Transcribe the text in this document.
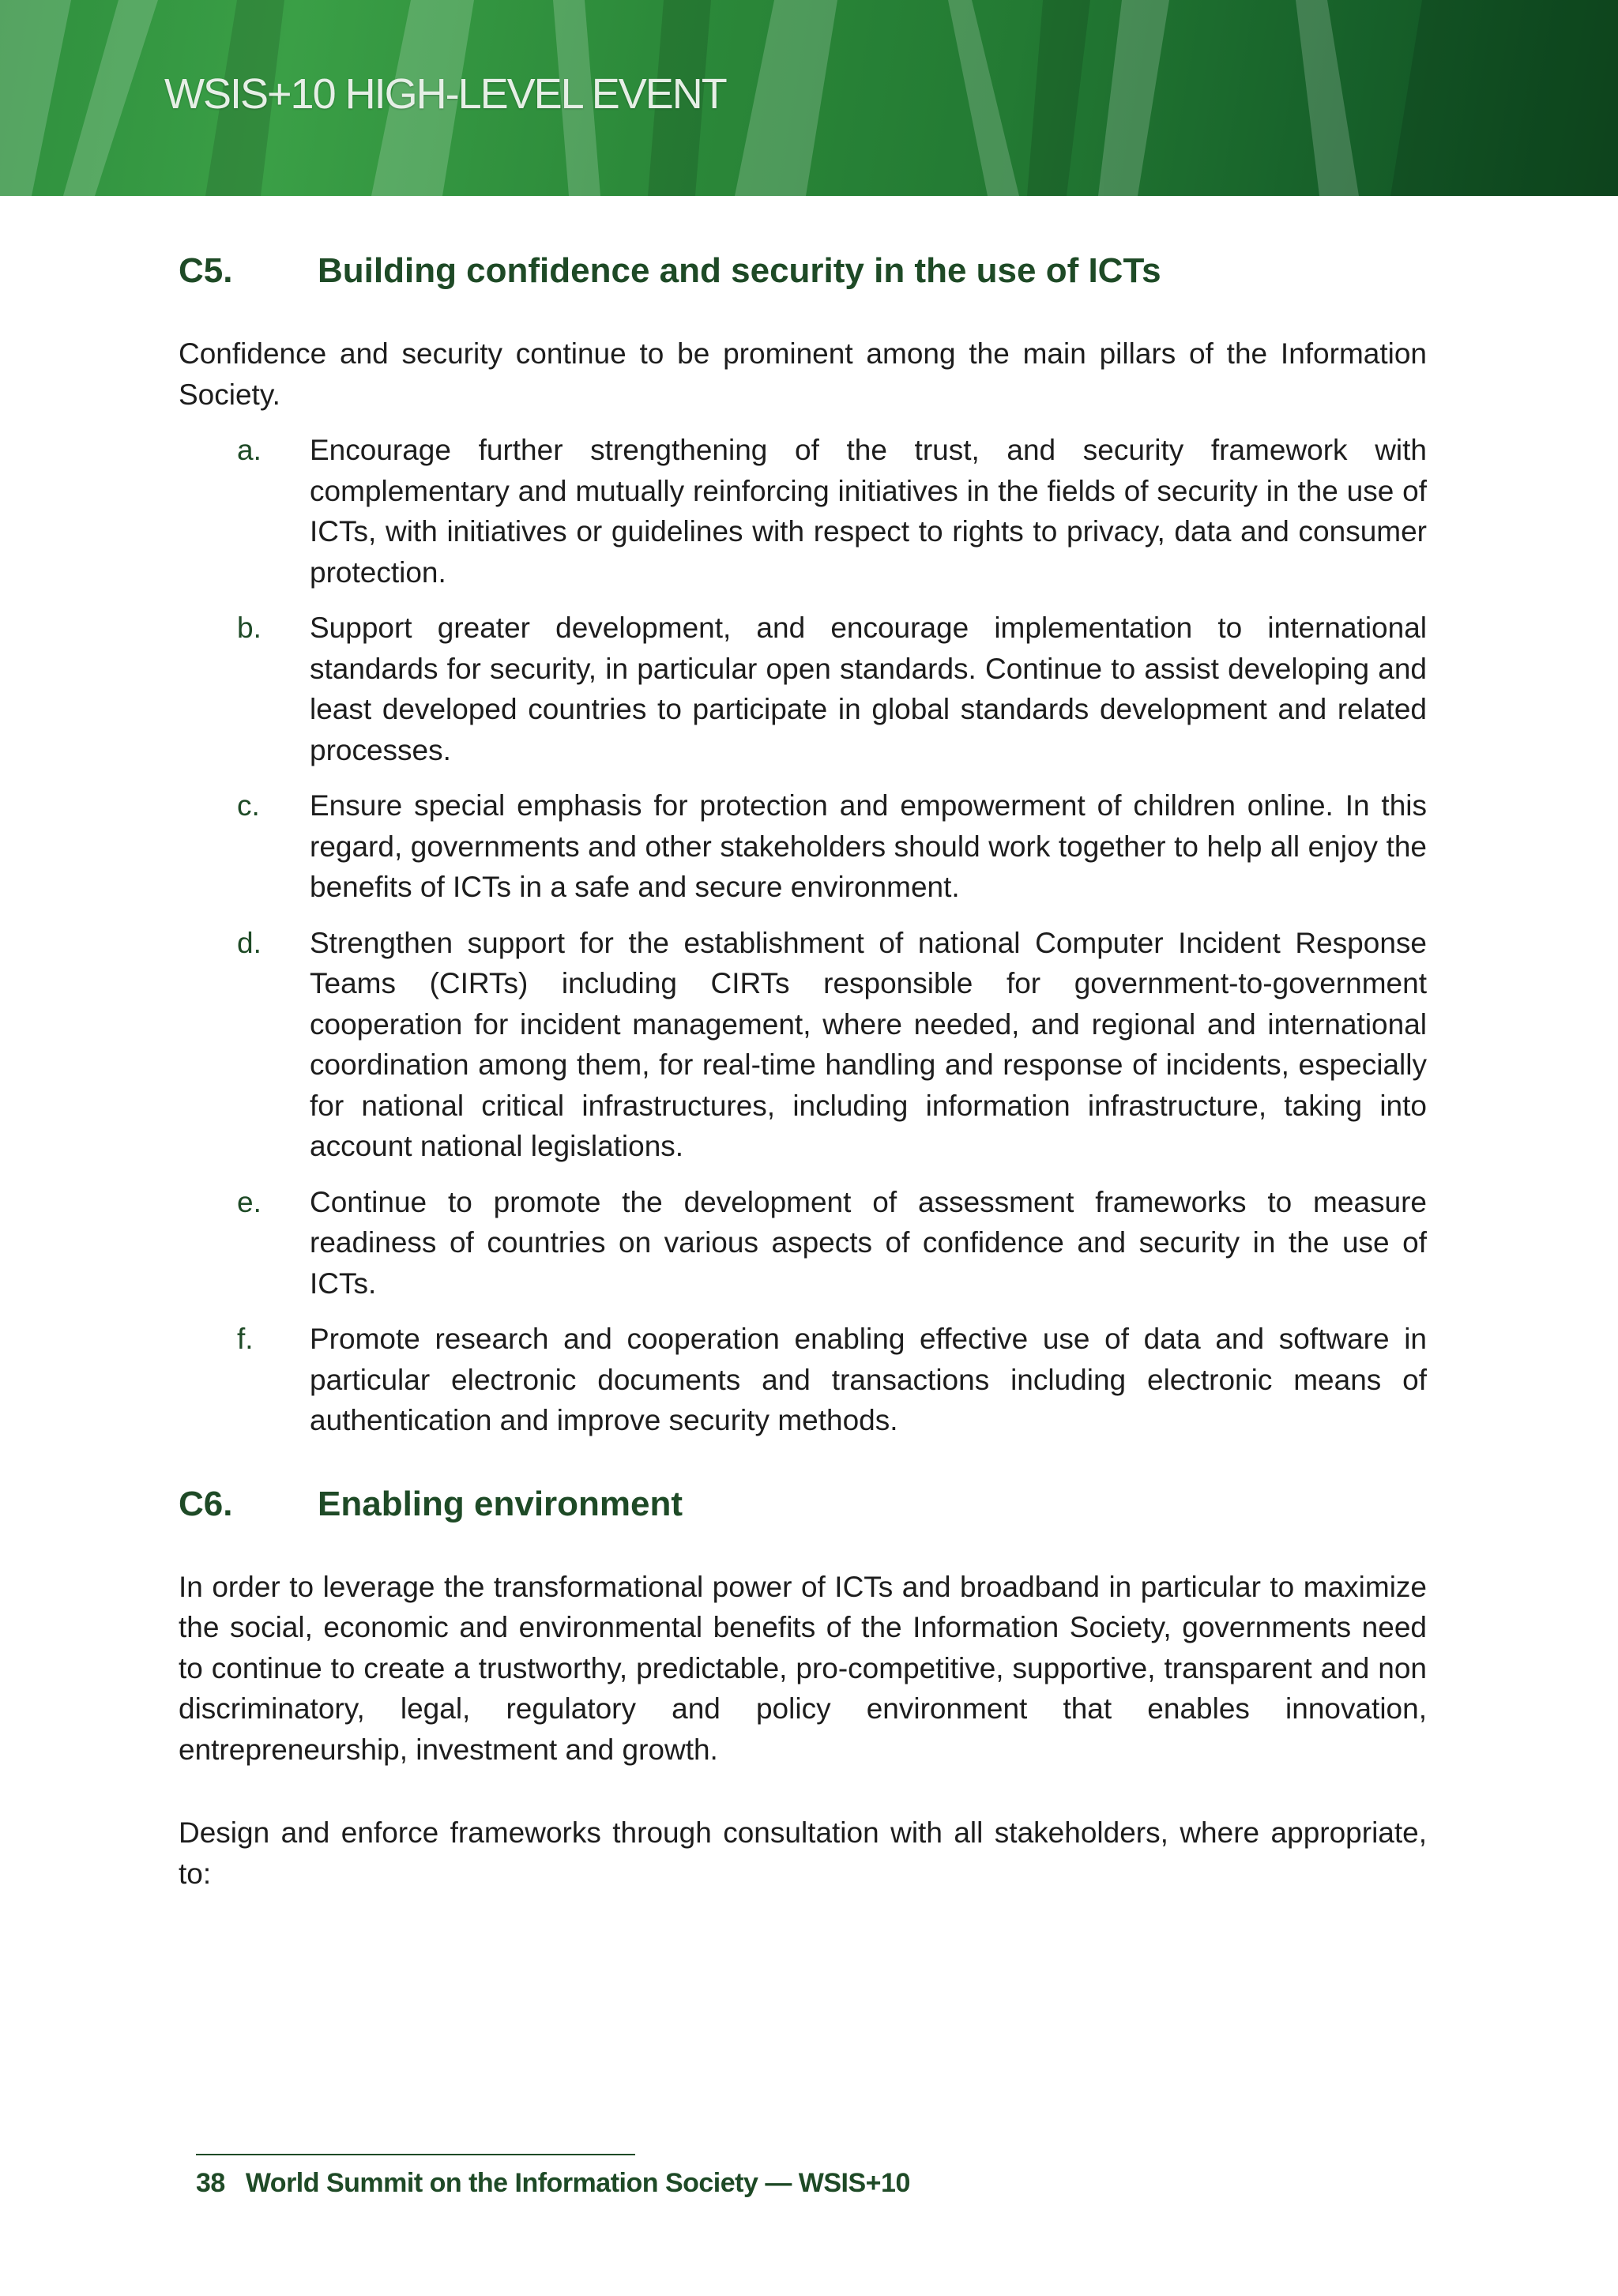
WSIS+10 HIGH-LEVEL EVENT
C5.	Building confidence and security in the use of ICTs

Confidence and security continue to be prominent among the main pillars of the Information Society.

a.	Encourage further strengthening of the trust, and security framework with complementary and mutually reinforcing initiatives in the fields of security in the use of ICTs, with initiatives or guidelines with respect to rights to privacy, data and consumer protection.
b.	Support greater development, and encourage implementation to international standards for security, in particular open standards. Continue to assist developing and least developed countries to participate in global standards development and related processes.
c.	Ensure special emphasis for protection and empowerment of children online. In this regard, governments and other stakeholders should work together to help all enjoy the benefits of ICTs in a safe and secure environment.
d.	Strengthen support for the establishment of national Computer Incident Response Teams (CIRTs) including CIRTs responsible for government-to-government cooperation for incident management, where needed, and regional and international coordination among them, for real-time handling and response of incidents, especially for national critical infrastructures, including information infrastructure, taking into account national legislations.
e.	Continue to promote the development of assessment frameworks to measure readiness of countries on various aspects of confidence and security in the use of ICTs.
f.	Promote research and cooperation enabling effective use of data and software in particular electronic documents and transactions including electronic means of authentication and improve security methods.
C6.	Enabling environment

In order to leverage the transformational power of ICTs and broadband in particular to maximize the social, economic and environmental benefits of the Information Society, governments need to continue to create a trustworthy, predictable, pro-competitive, supportive, transparent and non discriminatory, legal, regulatory and policy environment that enables innovation, entrepreneurship, investment and growth.

Design and enforce frameworks through consultation with all stakeholders, where appropriate, to:

38 World Summit on the Information Society — WSIS+10
